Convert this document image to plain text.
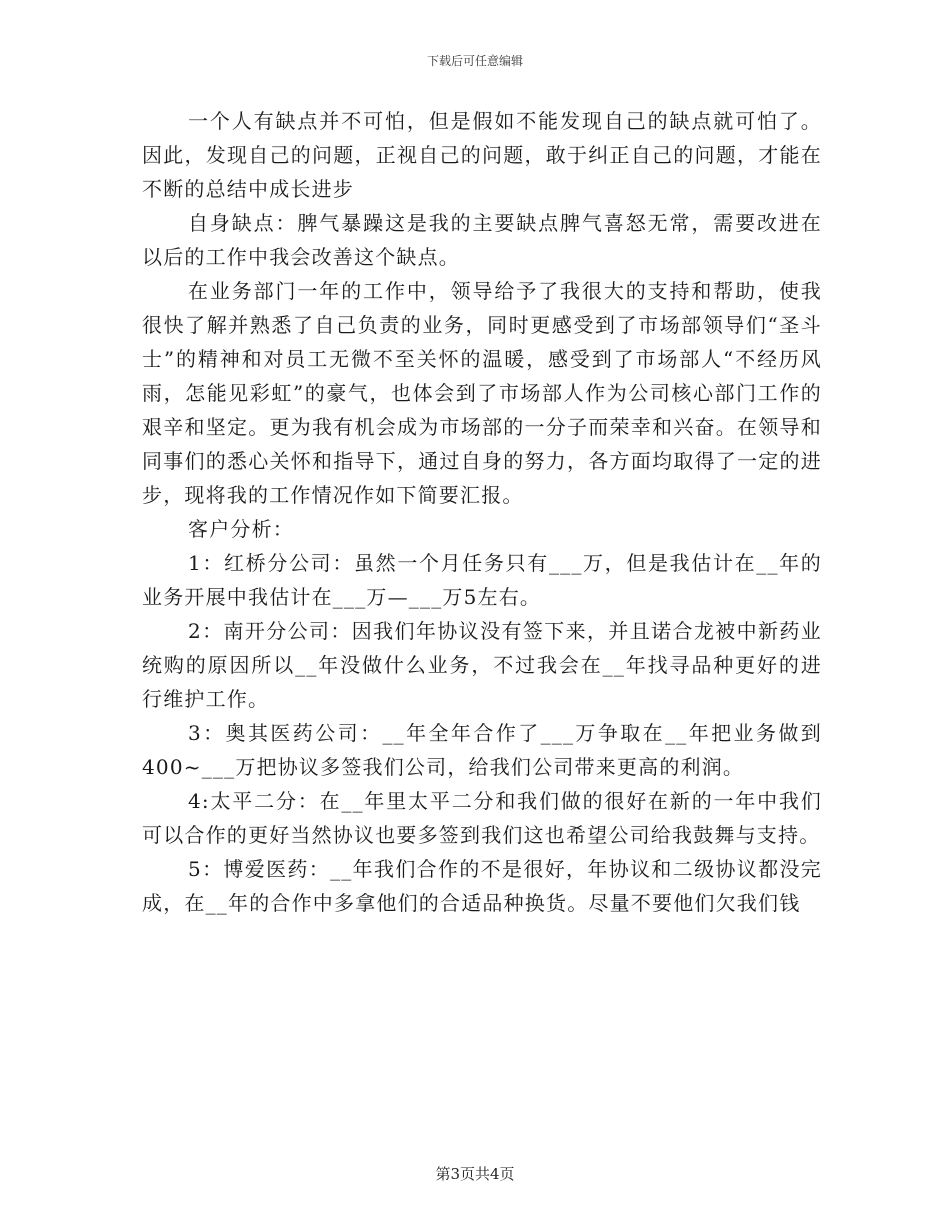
下载后可任意编辑

一个人有缺点并不可怕，但是假如不能发现自己的缺点就可怕了。因此，发现自己的问题，正视自己的问题，敢于纠正自己的问题，才能在不断的总结中成长进步

自身缺点：脾气暴躁这是我的主要缺点脾气喜怒无常，需要改进在以后的工作中我会改善这个缺点。

在业务部门一年的工作中，领导给予了我很大的支持和帮助，使我很快了解并熟悉了自己负责的业务，同时更感受到了市场部领导们“圣斗士”的精神和对员工无微不至关怀的温暖，感受到了市场部人“不经历风雨，怎能见彩虹”的豪气，也体会到了市场部人作为公司核心部门工作的艰辛和坚定。更为我有机会成为市场部的一分子而荣幸和兴奋。在领导和同事们的悉心关怀和指导下，通过自身的努力，各方面均取得了一定的进步，现将我的工作情况作如下简要汇报。

客户分析：

1：红桥分公司：虽然一个月任务只有___万，但是我估计在__年的业务开展中我估计在___万—___万5左右。

2：南开分公司：因我们年协议没有签下来，并且诺合龙被中新药业统购的原因所以__年没做什么业务，不过我会在__年找寻品种更好的进行维护工作。

3：奥其医药公司：__年全年合作了___万争取在__年把业务做到400~___万把协议多签我们公司，给我们公司带来更高的利润。

4:太平二分：在__年里太平二分和我们做的很好在新的一年中我们可以合作的更好当然协议也要多签到我们这也希望公司给我鼓舞与支持。

5：博爱医药：__年我们合作的不是很好，年协议和二级协议都没完成，在__年的合作中多拿他们的合适品种换货。尽量不要他们欠我们钱

第3页共4页
